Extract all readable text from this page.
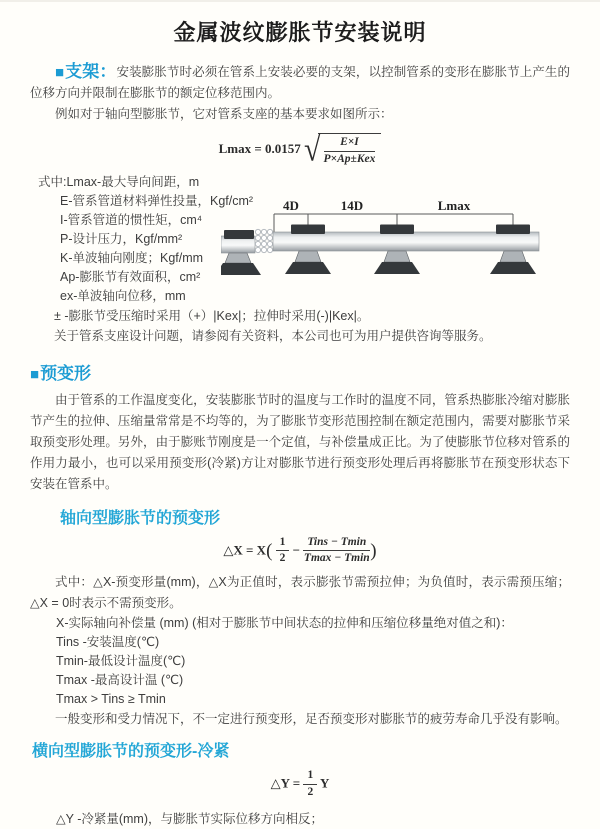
金属波纹膨胀节安装说明

■支架：安装膨胀节时必须在管系上安装必要的支架，以控制管系的变形在膨胀节上产生的位移方向并限制在膨胀节的额定位移范围内。

例如对于轴向型膨胀节，它对管系支座的基本要求如图所示：

Lmax = 0.0157 √ $\frac{E\times I}{\text{P×Ap±Kex}}$

式中:Lmax-最大导向间距，m

E-管系管道材料弹性投量，Kgf/cm²

I-管系管道的惯性矩，cm⁴

P-设计压力，Kgf/mm²

K-单波轴向刚度；Kgf/mm

Ap-膨胀节有效面积，cm²

ex-单波轴向位移，mm

± -膨胀节受压缩时采用（+）|Kex|；拉伸时采用(-)|Kex|。

关于管系支座设计问题，请参阅有关资料，本公司也可为用户提供咨询等服务。

4D	14D	Lmax
■预变形

由于管系的工作温度变化，安装膨胀节时的温度与工作时的温度不同，管系热膨胀冷缩对膨胀节产生的拉伸、压缩量常常是不均等的，为了膨胀节变形范围控制在额定范围内，需要对膨胀节采取预变形处理。另外，由于膨账节刚度是一个定值，与补偿量成正比。为了使膨胀节位移对管系的作用力最小，也可以采用预变形(冷紧)方让对膨胀节进行预变形处理后再将膨胀节在预变形状态下安装在管系中。

轴向型膨胀节的预变形
△X = $X( \frac{1}{2} - \frac{\text{Tins − Tmin}}{Tmax - Tmin}$ )

式中：△X-预变形量(mm)，△X为正值时，表示膨张节需预拉伸；为负值时，表示需预压缩；△X = 0时表示不需预变形。

X-实际轴向补偿量 (mm) (相对于膨胀节中间状态的拉伸和压缩位移量绝对值之和)：

Tins -安装温度(℃)

Tmin-最低设计温度(℃)

Tmax -最高设计温 (℃)

Tmax > Tins ≥ Tmin

一般变形和受力情况下，不一定进行预变形，足否预变形对膨胀节的疲劳寿命几乎没有影响。

横向型膨胀节的预变形-冷紧
△Y = $\frac{1}{2}$ Y

△Y -冷紧量(mm)，与膨胀节实际位移方向相反；
